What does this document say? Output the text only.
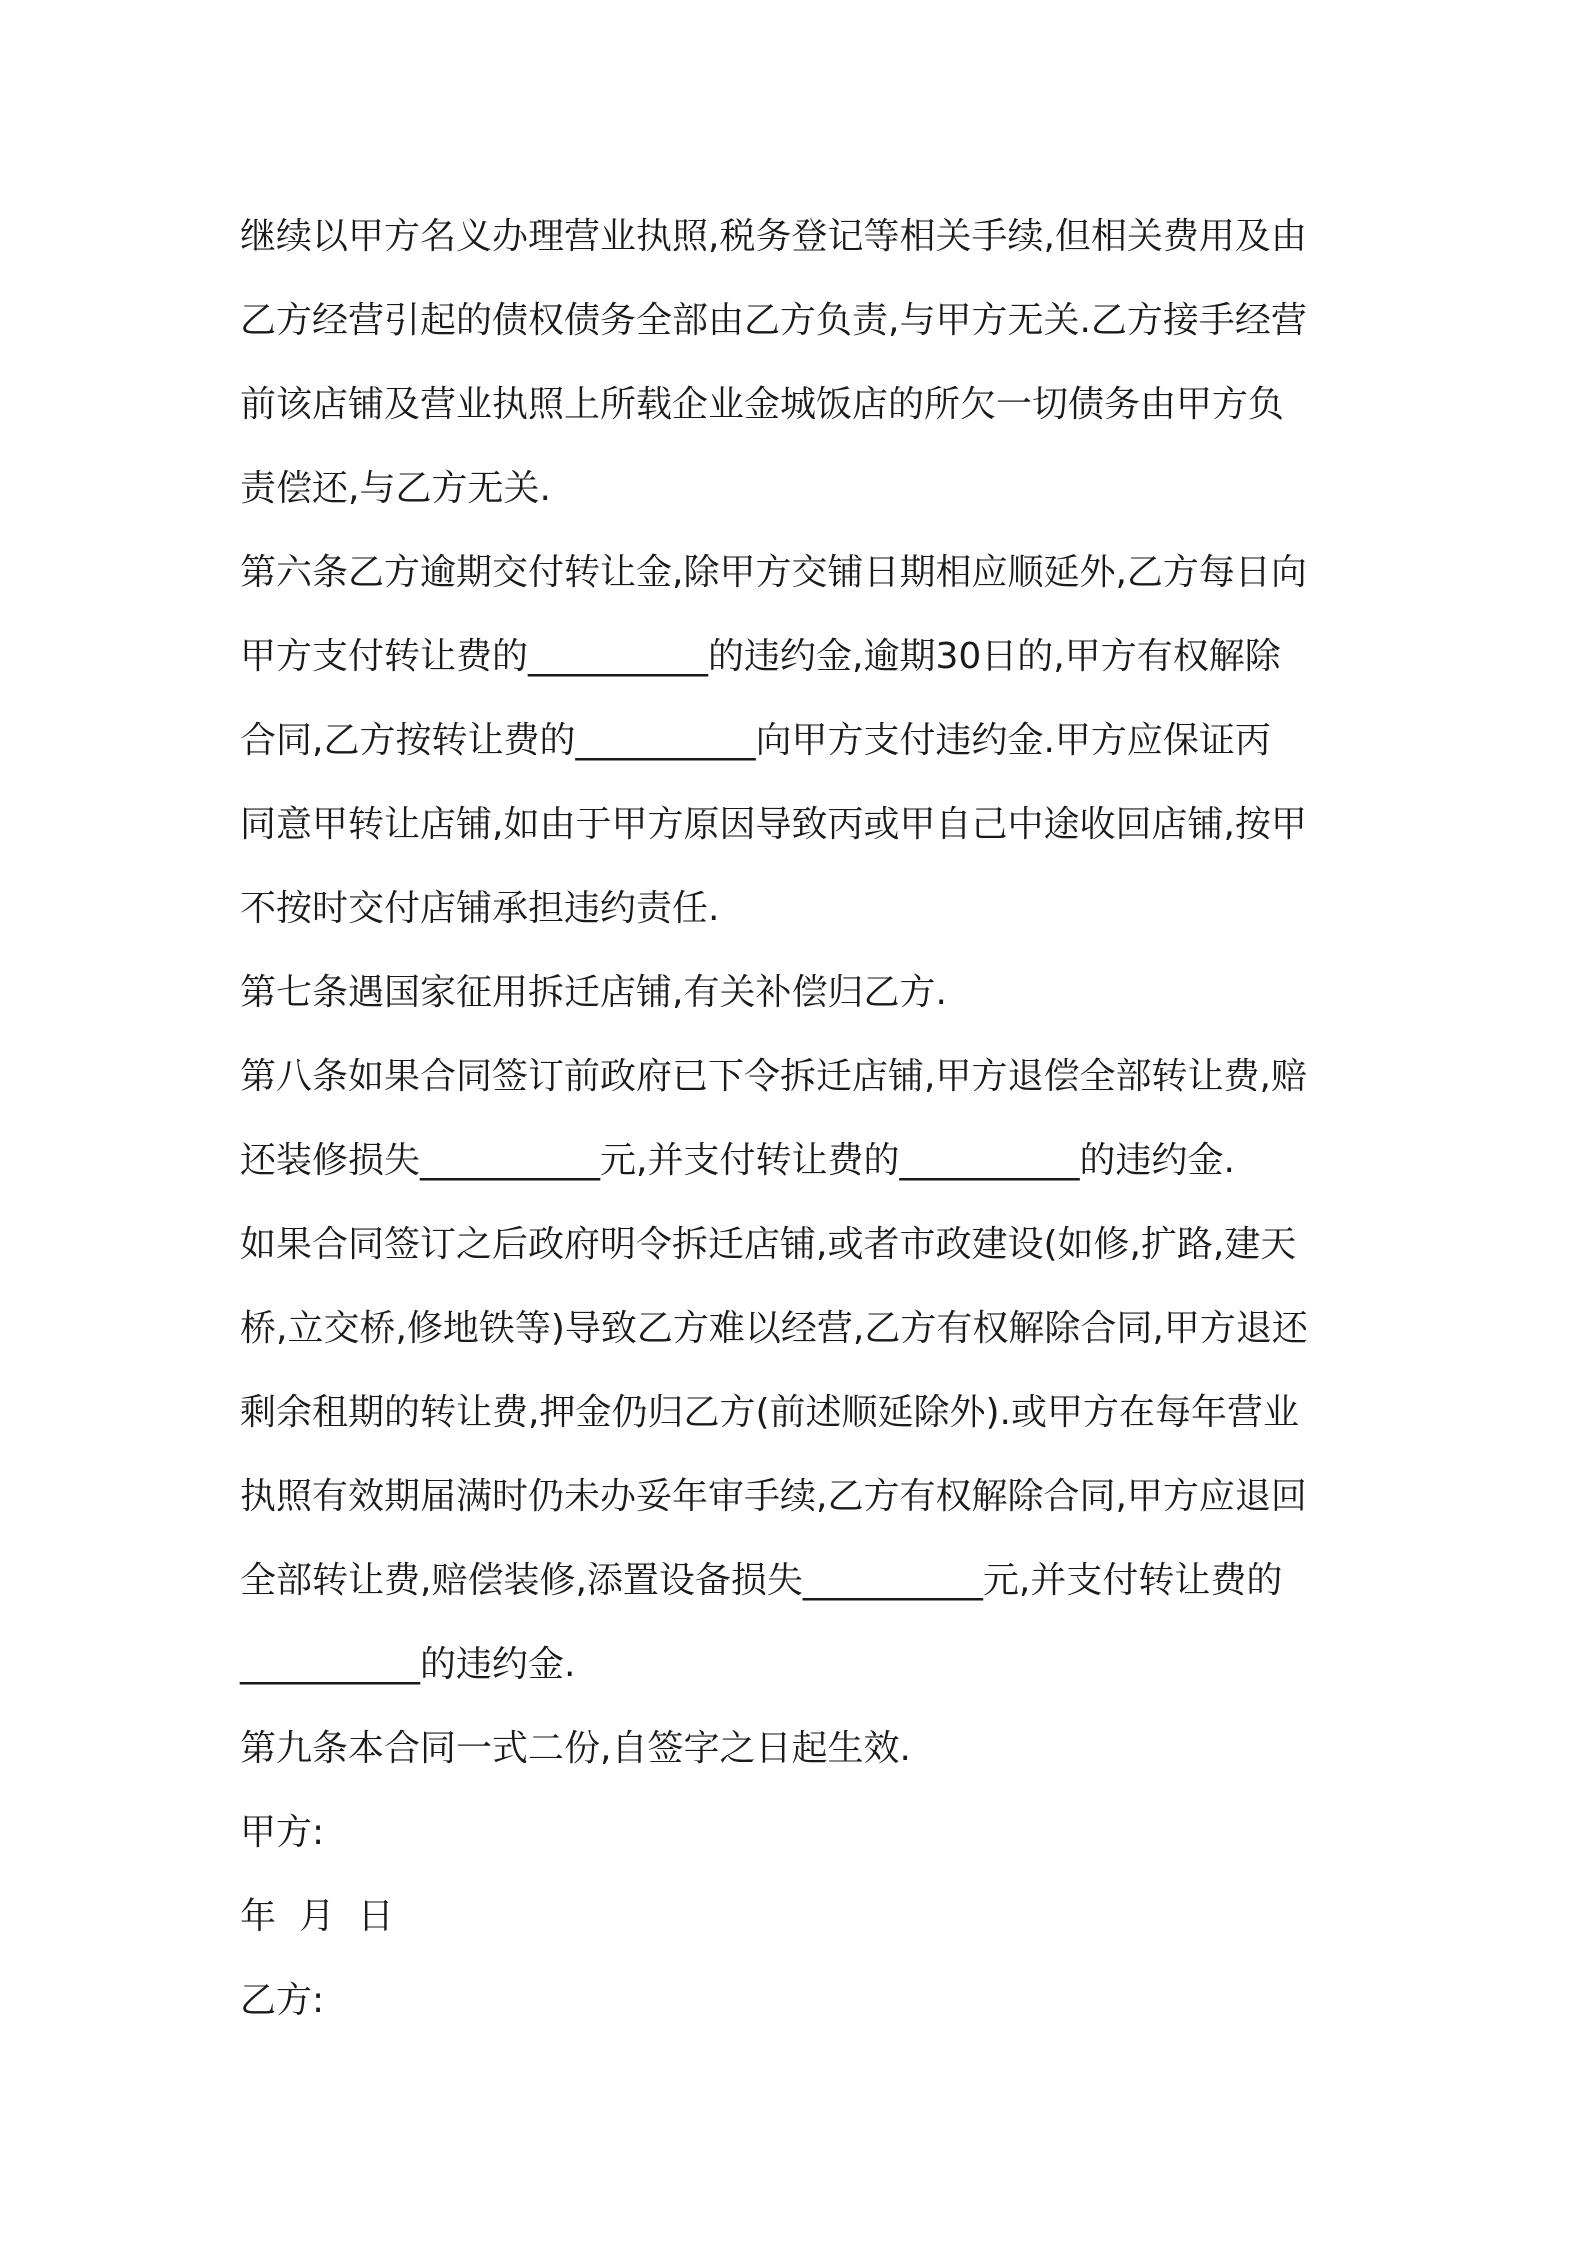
继续以甲方名义办理营业执照,税务登记等相关手续,但相关费用及由
乙方经营引起的债权债务全部由乙方负责,与甲方无关.乙方接手经营
前该店铺及营业执照上所载企业金城饭店的所欠一切债务由甲方负
责偿还,与乙方无关.

第六条乙方逾期交付转让金,除甲方交铺日期相应顺延外,乙方每日向
甲方支付转让费的__________的违约金,逾期30日的,甲方有权解除
合同,乙方按转让费的__________向甲方支付违约金.甲方应保证丙
同意甲转让店铺,如由于甲方原因导致丙或甲自己中途收回店铺,按甲
不按时交付店铺承担违约责任.

第七条遇国家征用拆迁店铺,有关补偿归乙方.

第八条如果合同签订前政府已下令拆迁店铺,甲方退偿全部转让费,赔
还装修损失__________元,并支付转让费的__________的违约金.
如果合同签订之后政府明令拆迁店铺,或者市政建设(如修,扩路,建天
桥,立交桥,修地铁等)导致乙方难以经营,乙方有权解除合同,甲方退还
剩余租期的转让费,押金仍归乙方(前述顺延除外).或甲方在每年营业
执照有效期届满时仍未办妥年审手续,乙方有权解除合同,甲方应退回
全部转让费,赔偿装修,添置设备损失__________元,并支付转让费的
__________的违约金.

第九条本合同一式二份,自签字之日起生效.

甲方:

年  月  日

乙方:
